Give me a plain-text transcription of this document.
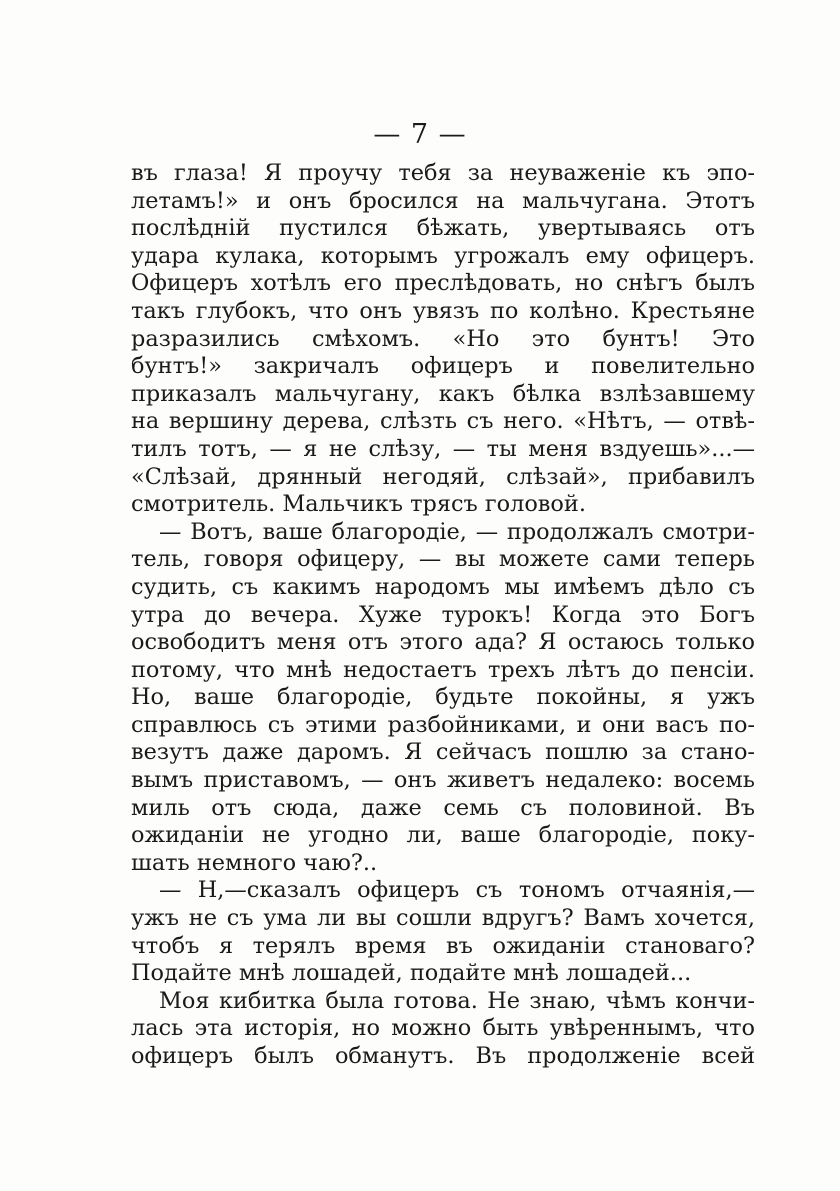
— 7 —
въ глаза! Я проучу тебя за неуваженіе къ эпо-
летамъ!» и онъ бросился на мальчугана. Этотъ
послѣдній пустился бѣжать, увертываясь отъ
удара кулака, которымъ угрожалъ ему офицеръ.
Офицеръ хотѣлъ его преслѣдовать, но снѣгъ былъ
такъ глубокъ, что онъ увязъ по колѣно. Крестьяне
разразились смѣхомъ. «Но это бунтъ! Это
бунтъ!» закричалъ офицеръ и повелительно
приказалъ мальчугану, какъ бѣлка взлѣзавшему
на вершину дерева, слѣзть съ него. «Нѣтъ, — отвѣ-
тилъ тотъ, — я не слѣзу, — ты меня вздуешь»...—
«Слѣзай, дрянный негодяй, слѣзай», прибавилъ
смотритель. Мальчикъ трясъ головой.
— Вотъ, ваше благородіе, — продолжалъ смотри-
тель, говоря офицеру, — вы можете сами теперь
судить, съ какимъ народомъ мы имѣемъ дѣло съ
утра до вечера. Хуже турокъ! Когда это Богъ
освободитъ меня отъ этого ада? Я остаюсь только
потому, что мнѣ недостаетъ трехъ лѣтъ до пенсіи.
Но, ваше благородіе, будьте покойны, я ужъ
справлюсь съ этими разбойниками, и они васъ по-
везутъ даже даромъ. Я сейчасъ пошлю за стано-
вымъ приставомъ, — онъ живетъ недалеко: восемь
миль отъ сюда, даже семь съ половиной. Въ
ожиданіи не угодно ли, ваше благородіе, поку-
шать немного чаю?..
— Н,—сказалъ офицеръ съ тономъ отчаянія,—
ужъ не съ ума ли вы сошли вдругъ? Вамъ хочется,
чтобъ я терялъ время въ ожиданіи становаго?
Подайте мнѣ лошадей, подайте мнѣ лошадей...
Моя кибитка была готова. Не знаю, чѣмъ кончи-
лась эта исторія, но можно быть увѣреннымъ, что
офицеръ былъ обманутъ. Въ продолженіе всей
